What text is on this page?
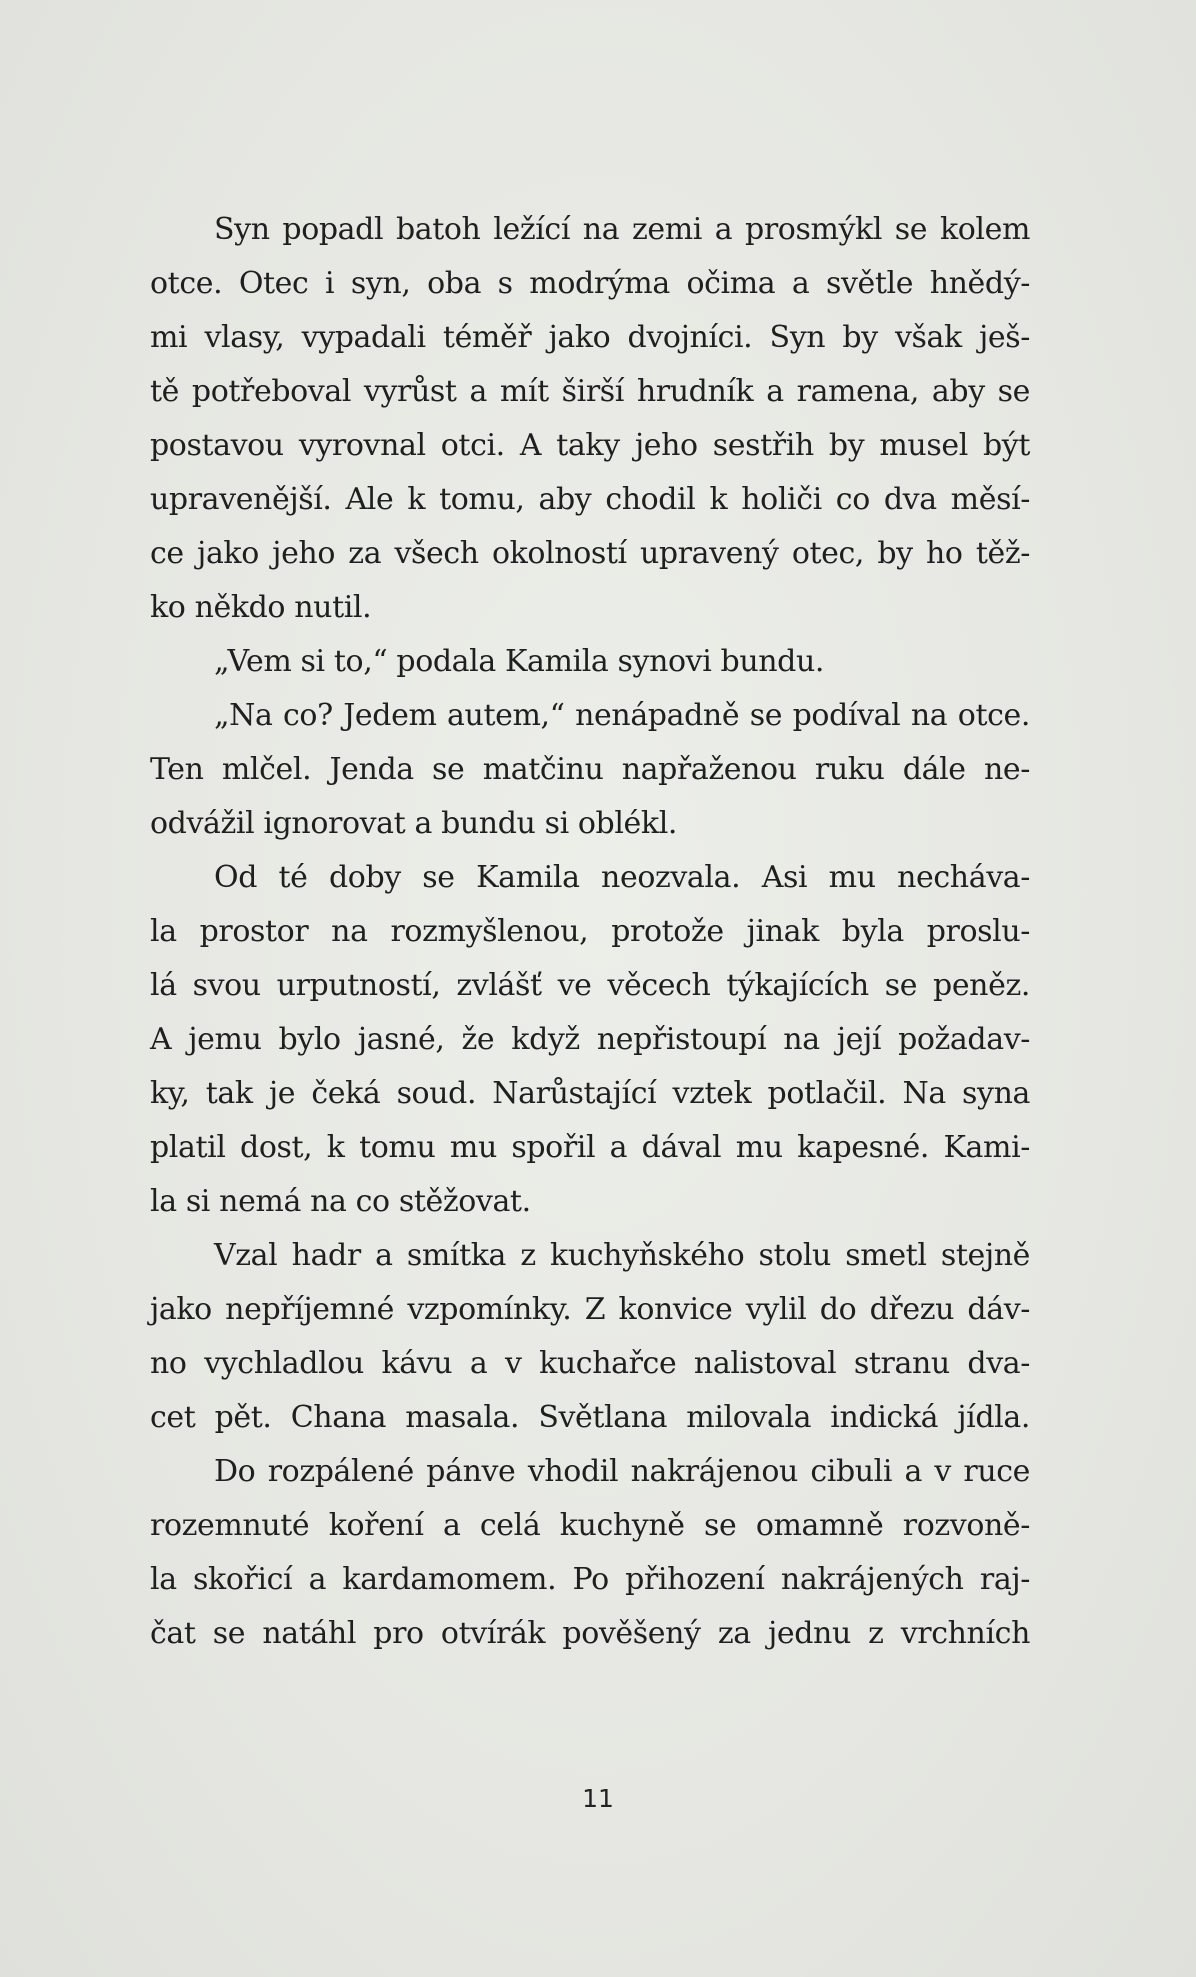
Syn popadl batoh ležící na zemi a prosmýkl se kolem
otce. Otec i syn, oba s modrýma očima a světle hnědý-
mi vlasy, vypadali téměř jako dvojníci. Syn by však ješ-
tě potřeboval vyrůst a mít širší hrudník a ramena, aby se
postavou vyrovnal otci. A taky jeho sestřih by musel být
upravenější. Ale k tomu, aby chodil k holiči co dva měsí-
ce jako jeho za všech okolností upravený otec, by ho těž-
ko někdo nutil.
„Vem si to,“ podala Kamila synovi bundu.
„Na co? Jedem autem,“ nenápadně se podíval na otce.
Ten mlčel. Jenda se matčinu napřaženou ruku dále ne-
odvážil ignorovat a bundu si oblékl.
Od té doby se Kamila neozvala. Asi mu necháva-
la prostor na rozmyšlenou, protože jinak byla proslu-
lá svou urputností, zvlášť ve věcech týkajících se peněz.
A jemu bylo jasné, že když nepřistoupí na její požadav-
ky, tak je čeká soud. Narůstající vztek potlačil. Na syna
platil dost, k tomu mu spořil a dával mu kapesné. Kami-
la si nemá na co stěžovat.
Vzal hadr a smítka z kuchyňského stolu smetl stejně
jako nepříjemné vzpomínky. Z konvice vylil do dřezu dáv-
no vychladlou kávu a v kuchařce nalistoval stranu dva-
cet pět. Chana masala. Světlana milovala indická jídla.
Do rozpálené pánve vhodil nakrájenou cibuli a v ruce
rozemnuté koření a celá kuchyně se omamně rozvoně-
la skořicí a kardamomem. Po přihození nakrájených raj-
čat se natáhl pro otvírák pověšený za jednu z vrchních
11
